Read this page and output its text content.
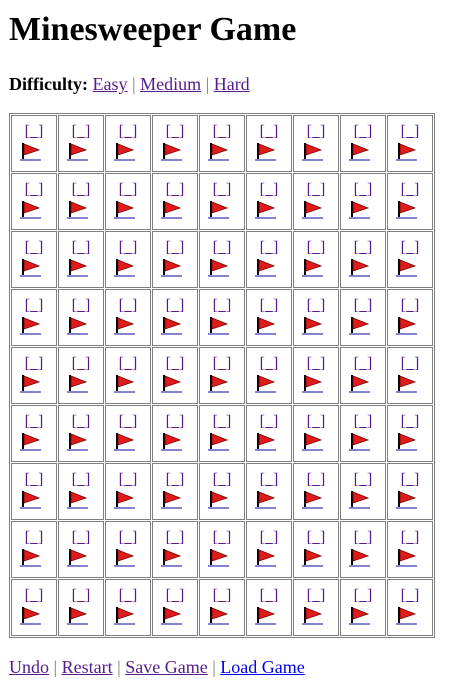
Minesweeper Game
Difficulty: Easy | Medium | Hard
[_]	[_]	[_]	[_]	[_]	[_]	[_]	[_]	[_]

[_]	[_]	[_]	[_]	[_]	[_]	[_]	[_]	[_]

[_]	[_]	[_]	[_]	[_]	[_]	[_]	[_]	[_]

[_]	[_]	[_]	[_]	[_]	[_]	[_]	[_]	[_]

[_]	[_]	[_]	[_]	[_]	[_]	[_]	[_]	[_]

[_]	[_]	[_]	[_]	[_]	[_]	[_]	[_]	[_]

[_]	[_]	[_]	[_]	[_]	[_]	[_]	[_]	[_]

[_]	[_]	[_]	[_]	[_]	[_]	[_]	[_]	[_]

[_]	[_]	[_]	[_]	[_]	[_]	[_]	[_]	[_]
Undo | Restart | Save Game | Load Game
